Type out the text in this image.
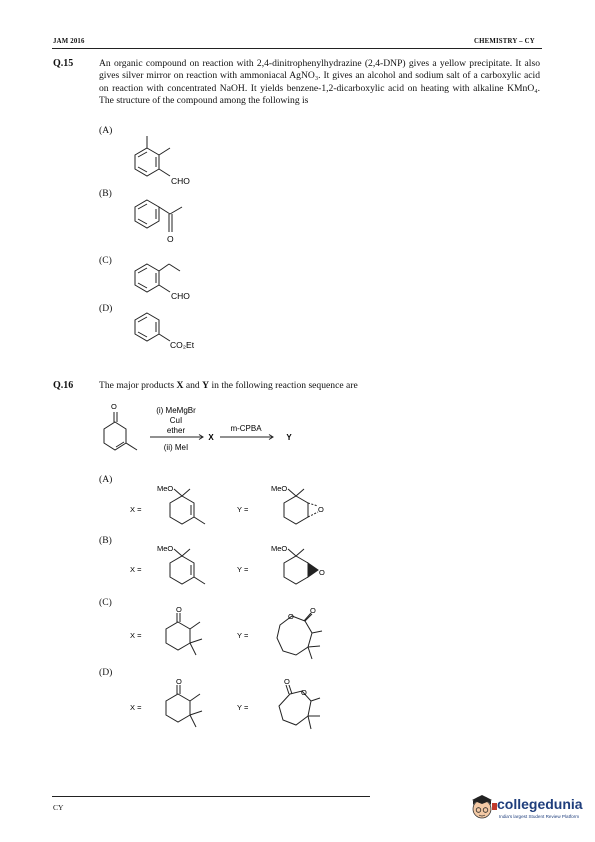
JAM 2016	CHEMISTRY – CY
Q.15	An organic compound on reaction with 2,4-dinitrophenylhydrazine (2,4-DNP) gives a yellow precipitate. It also gives silver mirror on reaction with ammoniacal AgNO₃. It gives an alcohol and sodium salt of a carboxylic acid on reaction with concentrated NaOH. It yields benzene-1,2-dicarboxylic acid on heating with alkaline KMnO₄. The structure of the compound among the following is
(A)
CHO
(B)
O
(C)
CHO
(D)
CO₂Et
Q.16	The major products X and Y in the following reaction sequence are
O	(i) MeMgBr
CuI
ether
(ii) MeI
X
m-CPBA
Y
(A)
X =
MeO
Y =
MeO
O
(B)
X =
MeO
Y =
MeO
O
(C)
O
X =	Y =
O
O
(D)
O
X =	Y =
O
O
CY	collegedunia
India's largest Student Review Platform
